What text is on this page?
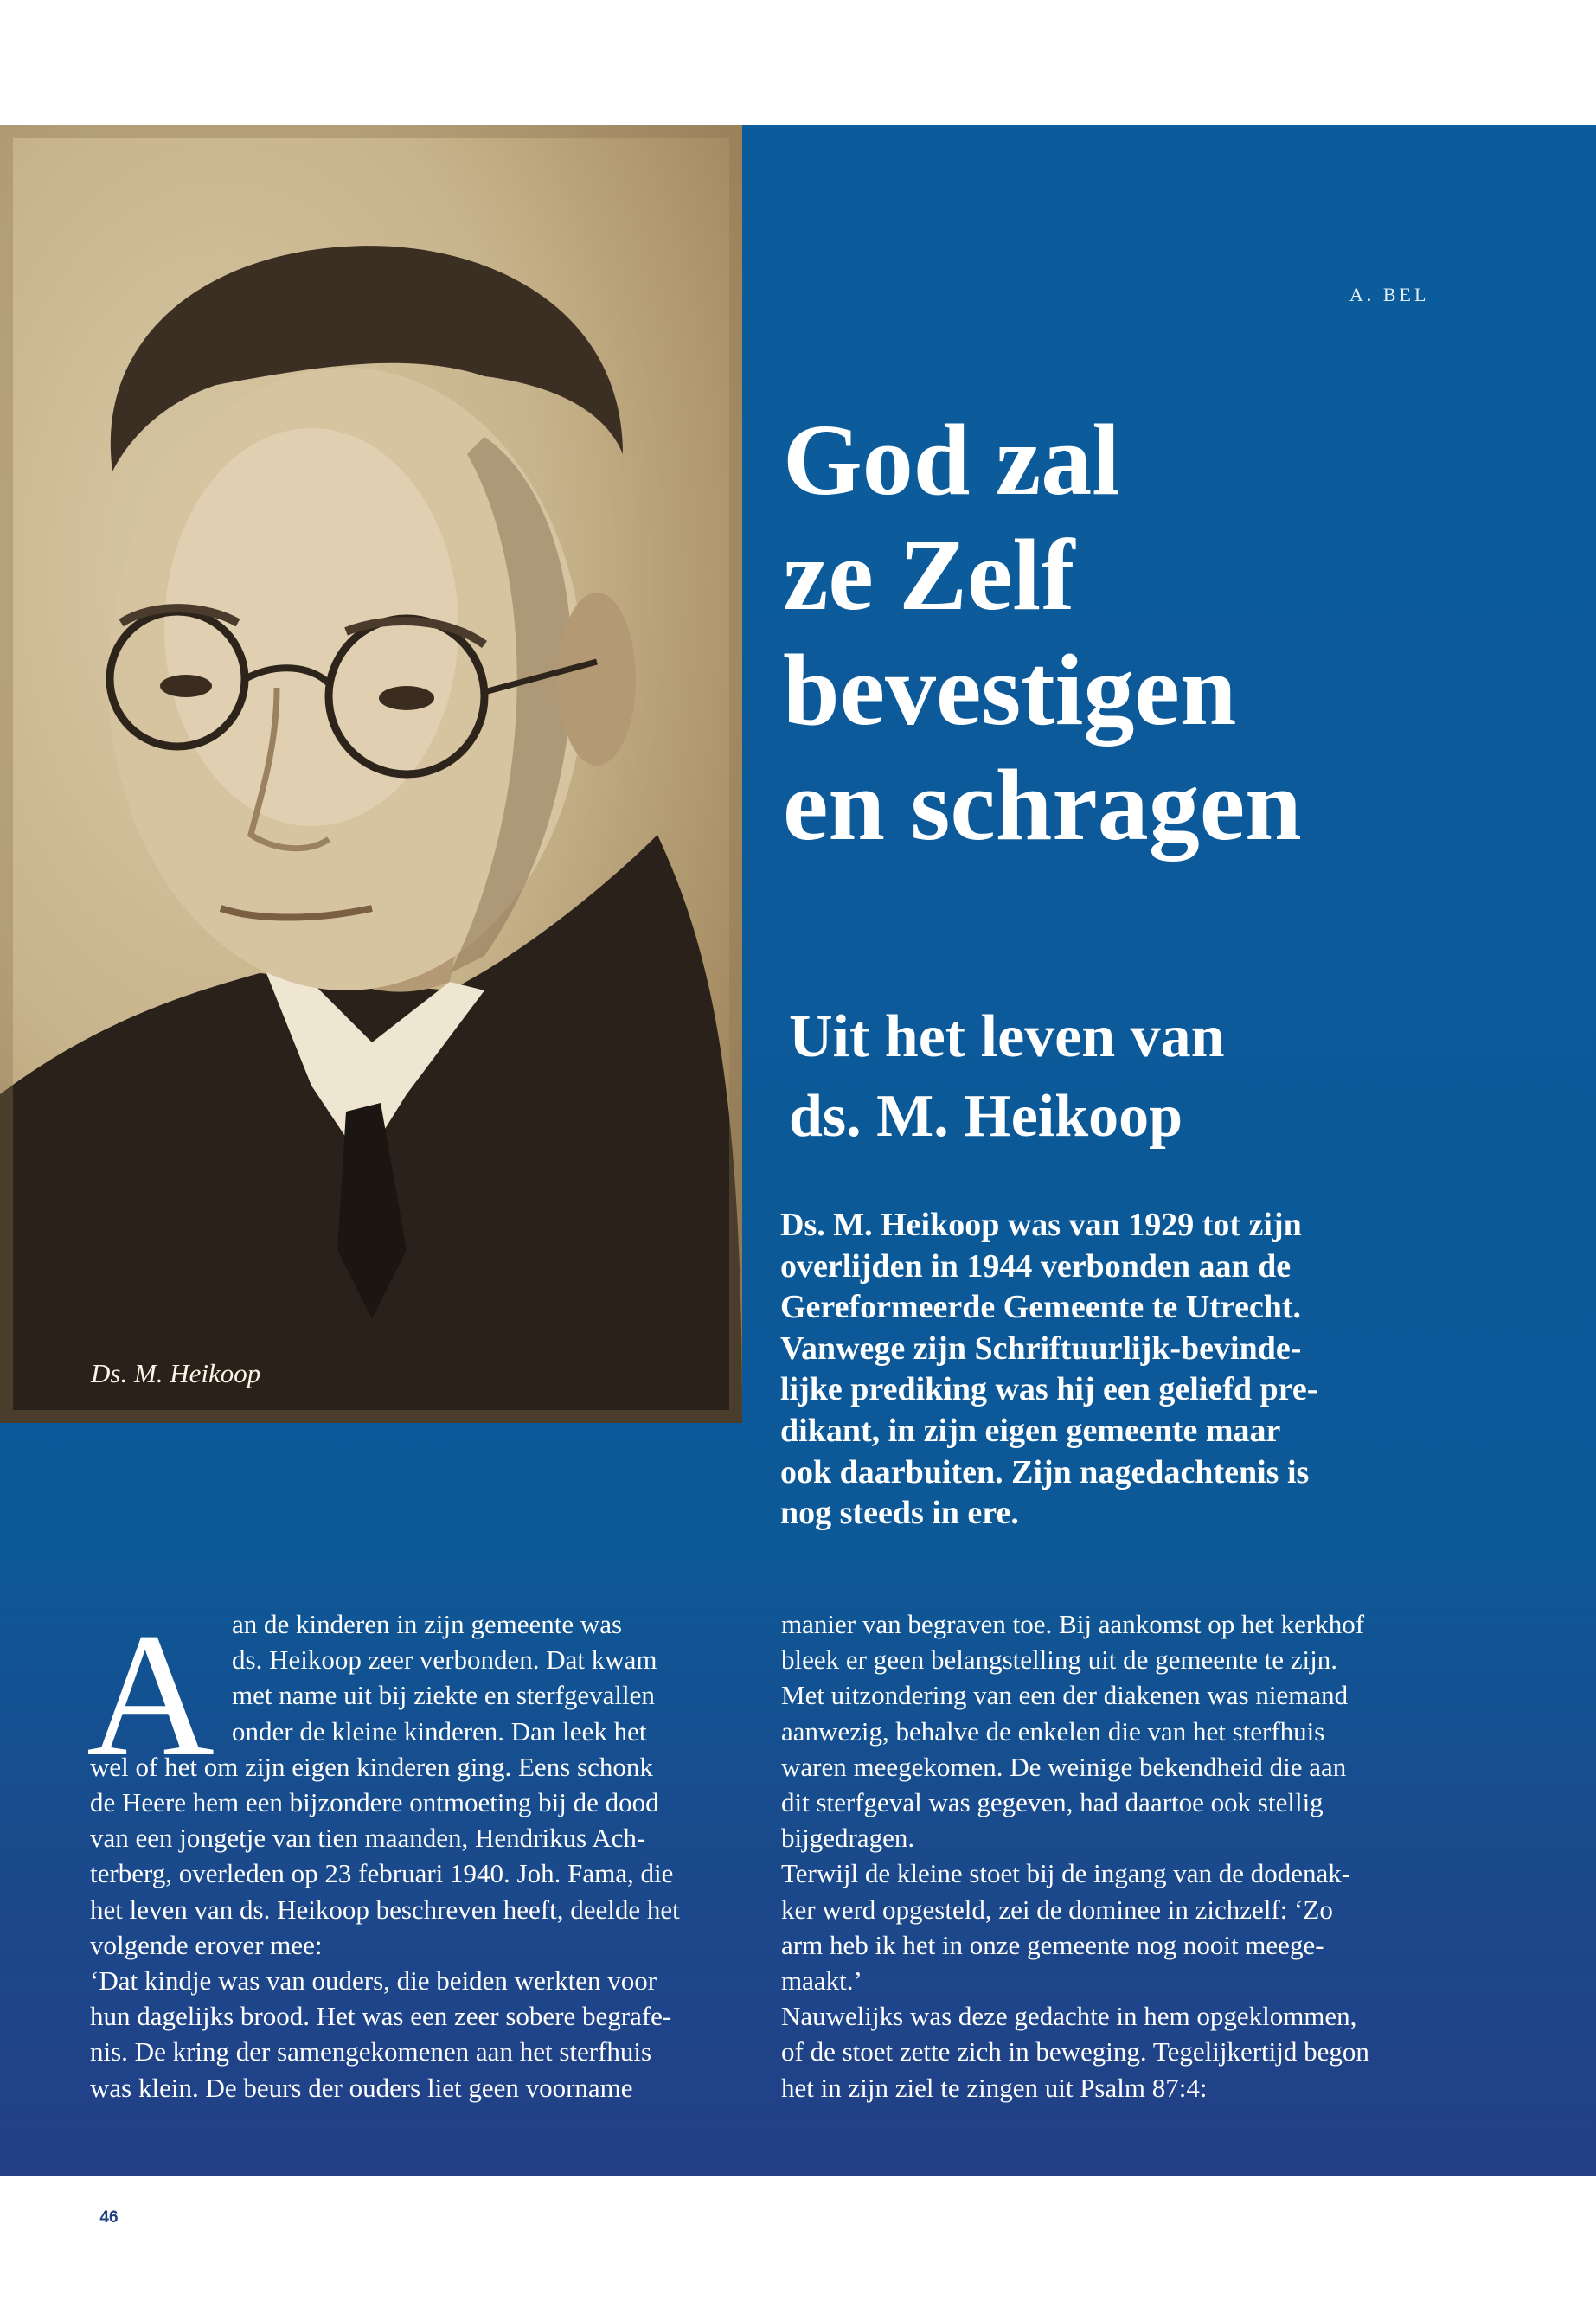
Ds. M. Heikoop
A. BEL
God zal
ze Zelf
bevestigen
en schragen
Uit het leven van
ds. M. Heikoop
Ds. M. Heikoop was van 1929 tot zijn
overlijden in 1944 verbonden aan de
Gereformeerde Gemeente te Utrecht.
Vanwege zijn Schriftuurlijk-bevinde-
lijke prediking was hij een geliefd pre-
dikant, in zijn eigen gemeente maar
ook daarbuiten. Zijn nagedachtenis is
nog steeds in ere.
A an de kinderen in zijn gemeente was
ds. Heikoop zeer verbonden. Dat kwam
met name uit bij ziekte en sterfgevallen
onder de kleine kinderen. Dan leek het
wel of het om zijn eigen kinderen ging. Eens schonk
de Heere hem een bijzondere ontmoeting bij de dood
van een jongetje van tien maanden, Hendrikus Ach-
terberg, overleden op 23 februari 1940. Joh. Fama, die
het leven van ds. Heikoop beschreven heeft, deelde het
volgende erover mee:
‘Dat kindje was van ouders, die beiden werkten voor
hun dagelijks brood. Het was een zeer sobere begrafe-
nis. De kring der samengekomenen aan het sterfhuis
was klein. De beurs der ouders liet geen voorname
manier van begraven toe. Bij aankomst op het kerkhof
bleek er geen belangstelling uit de gemeente te zijn.
Met uitzondering van een der diakenen was niemand
aanwezig, behalve de enkelen die van het sterfhuis
waren meegekomen. De weinige bekendheid die aan
dit sterfgeval was gegeven, had daartoe ook stellig
bijgedragen.
Terwijl de kleine stoet bij de ingang van de dodenak-
ker werd opgesteld, zei de dominee in zichzelf: ‘Zo
arm heb ik het in onze gemeente nog nooit meege-
maakt.’
Nauwelijks was deze gedachte in hem opgeklommen,
of de stoet zette zich in beweging. Tegelijkertijd begon
het in zijn ziel te zingen uit Psalm 87:4:
46
